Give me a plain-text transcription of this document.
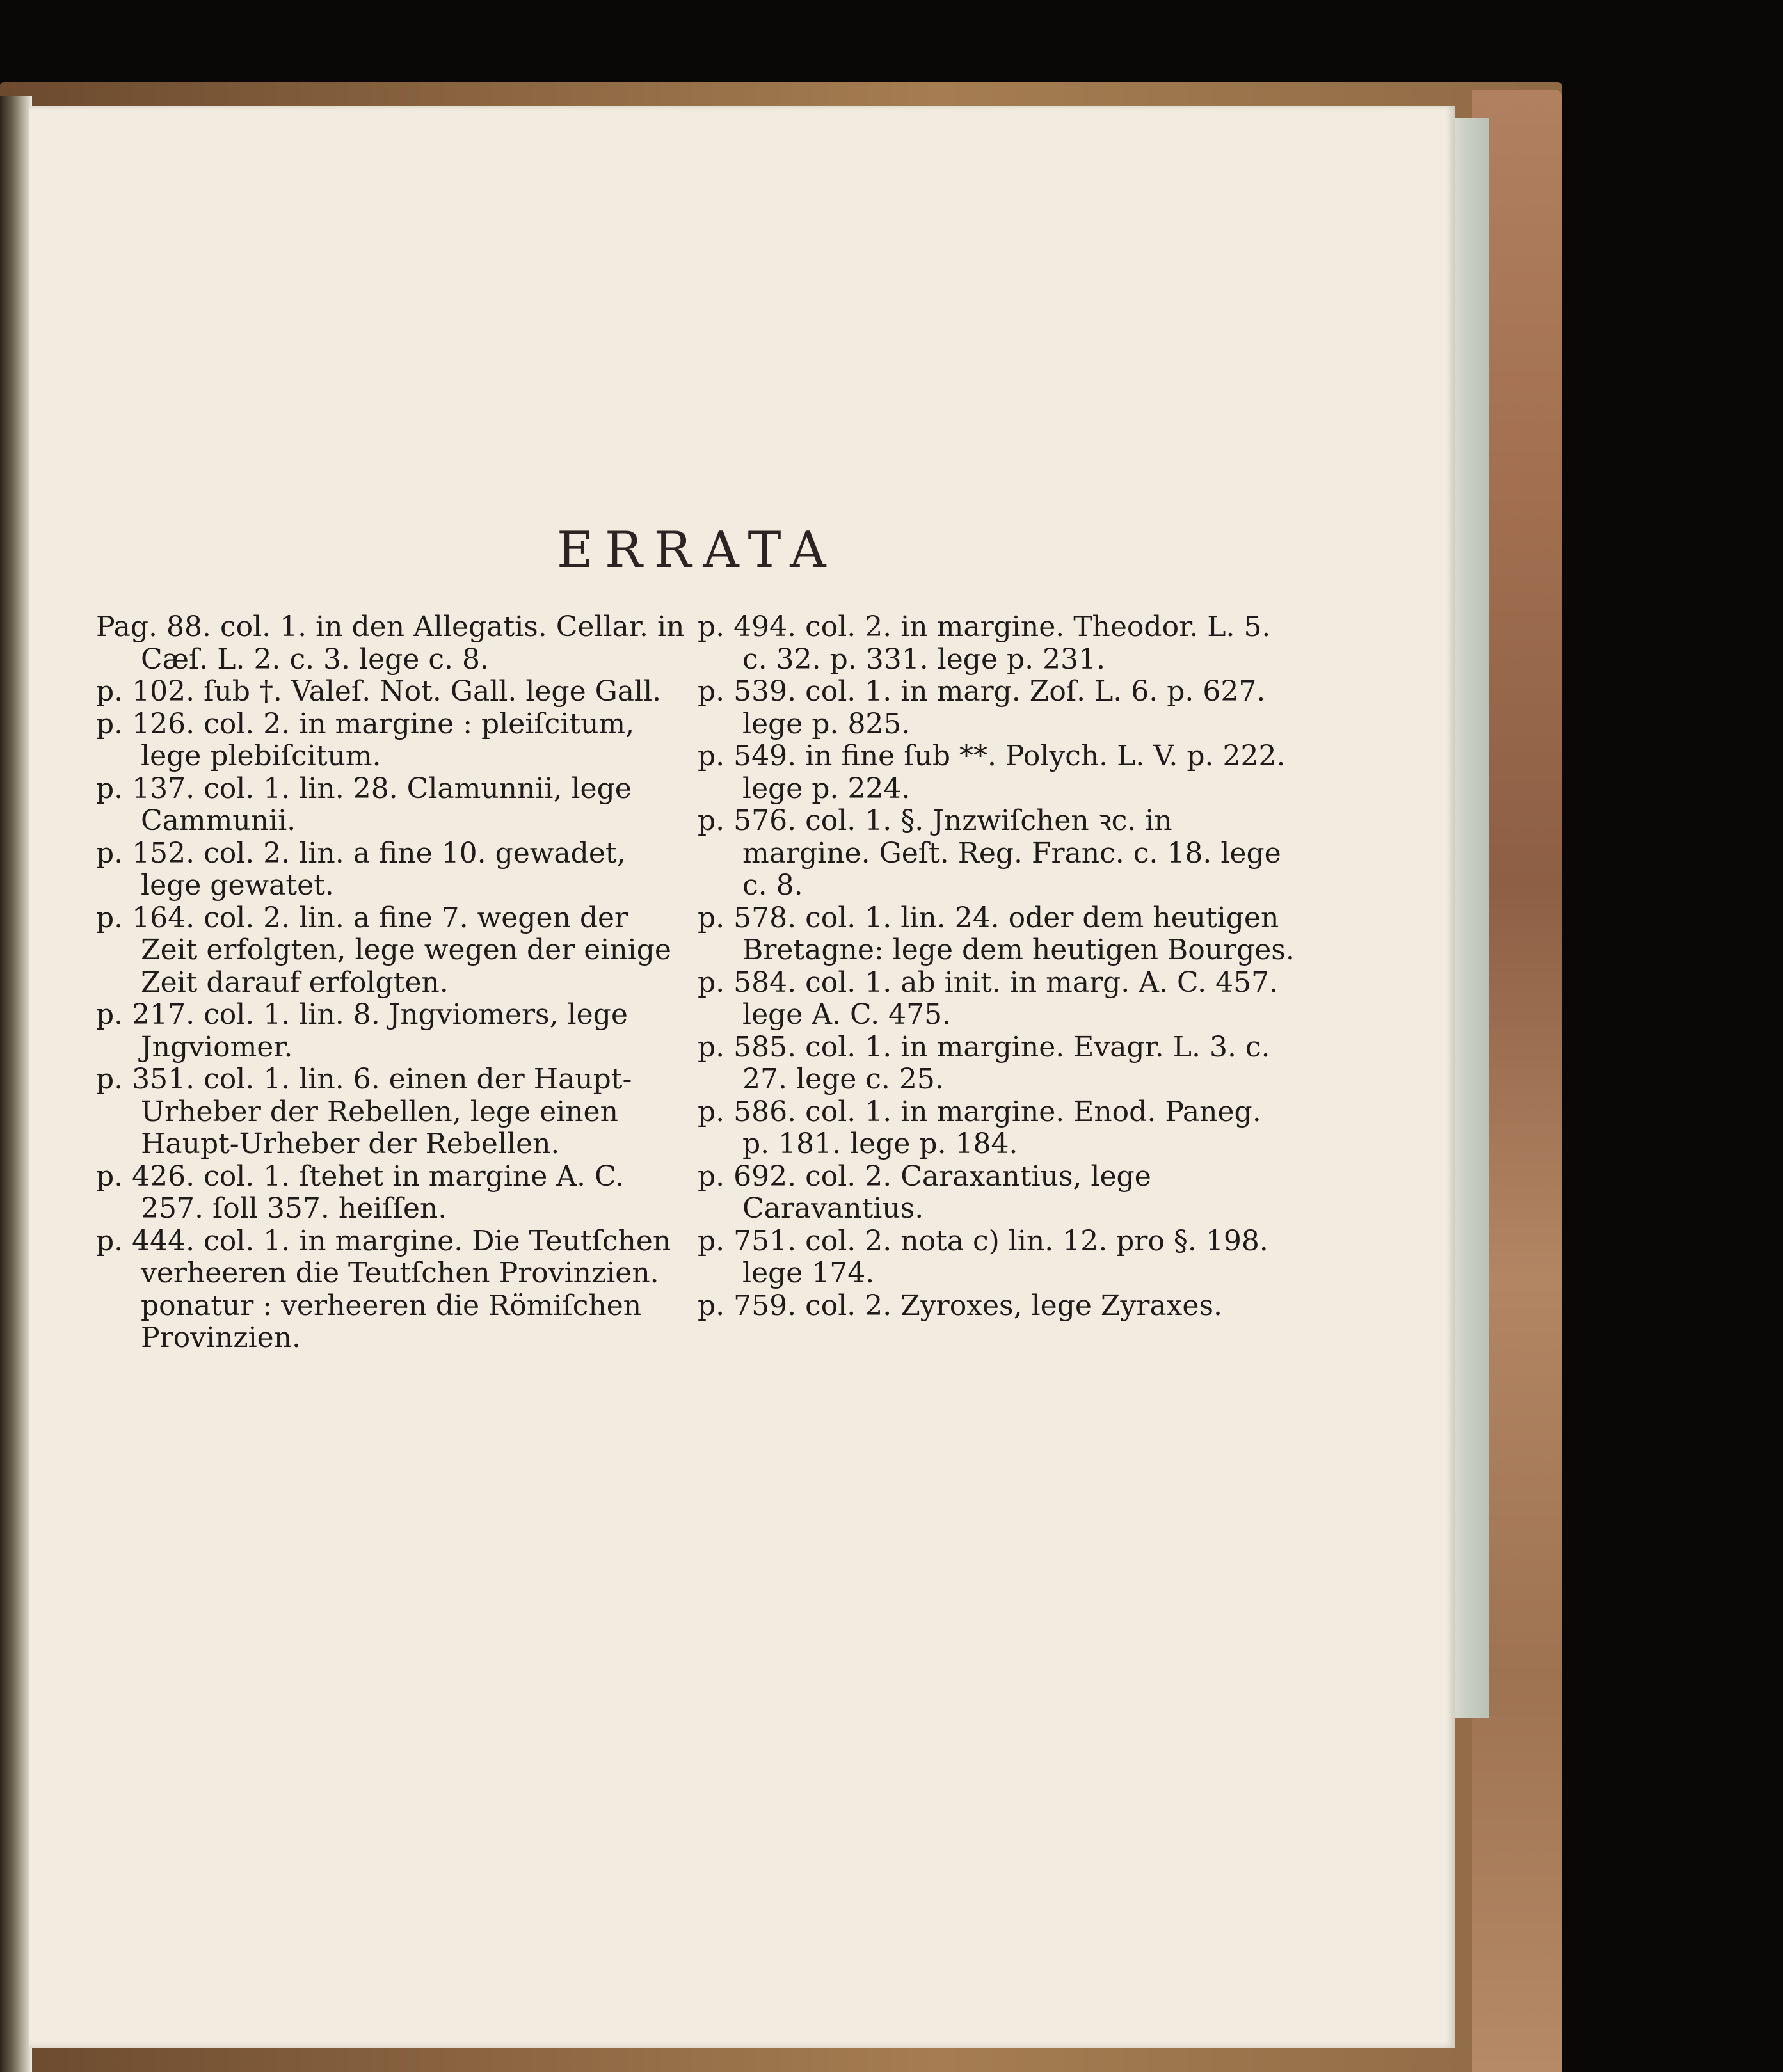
ERRATA

Pag. 88. col. 1. in den Allegatis. Cellar. in Cæſ. L. 2. c. 3. lege c. 8.

p. 102. ſub †. Valeſ. Not. Gall. lege Gall.

p. 126. col. 2. in margine : pleiſcitum, lege plebiſcitum.

p. 137. col. 1. lin. 28. Clamunnii, lege Cammunii.

p. 152. col. 2. lin. a fine 10. gewadet, lege gewatet.

p. 164. col. 2. lin. a fine 7. wegen der Zeit erfolgten, lege wegen der einige Zeit darauf erfolgten.

p. 217. col. 1. lin. 8. Jngviomers, lege Jngviomer.

p. 351. col. 1. lin. 6. einen der Haupt-Urheber der Rebellen, lege einen Haupt-Urheber der Rebellen.

p. 426. col. 1. ſtehet in margine A. C. 257. ſoll 357. heiſſen.

p. 444. col. 1. in margine. Die Teutſchen verheeren die Teutſchen Provinzien. ponatur : verheeren die Römiſchen Provinzien.

p. 494. col. 2. in margine. Theodor. L. 5. c. 32. p. 331. lege p. 231.

p. 539. col. 1. in marg. Zoſ. L. 6. p. 627. lege p. 825.

p. 549. in fine ſub **. Polych. L. V. p. 222. lege p. 224.

p. 576. col. 1. §. Jnzwiſchen ꝛc. in margine. Geſt. Reg. Franc. c. 18. lege c. 8.

p. 578. col. 1. lin. 24. oder dem heutigen Bretagne: lege dem heutigen Bourges.

p. 584. col. 1. ab init. in marg. A. C. 457. lege A. C. 475.

p. 585. col. 1. in margine. Evagr. L. 3. c. 27. lege c. 25.

p. 586. col. 1. in margine. Enod. Paneg. p. 181. lege p. 184.

p. 692. col. 2. Caraxantius, lege Caravantius.

p. 751. col. 2. nota c) lin. 12. pro §. 198. lege 174.

p. 759. col. 2. Zyroxes, lege Zyraxes.
